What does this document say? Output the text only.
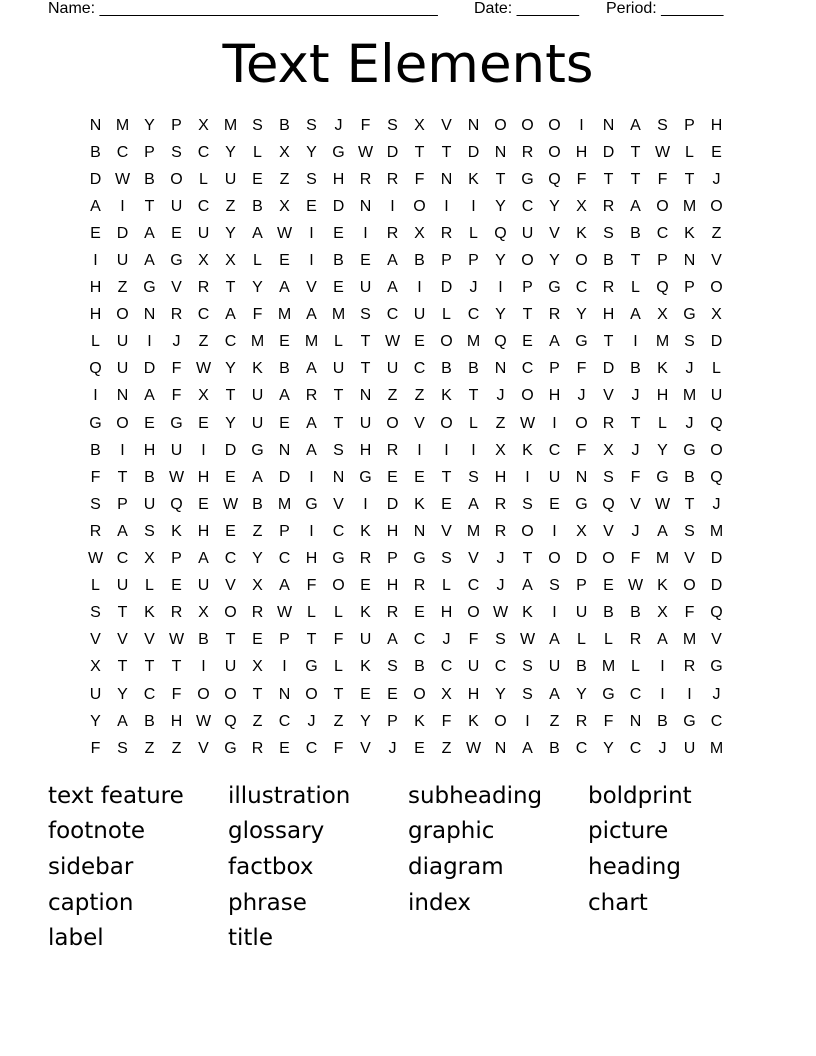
Name: ______________________________________ Date: _______ Period: _______
Text Elements
N M Y	P	X M S	B	S	J	F	S	X	V N O O O	I	N A	S	P H
B C P	S C Y	L	X	Y G W D	T	T	D N R O H D	T W L	E
D W B O	L	U E	Z	S H R R	F	N K	T G Q F	T	T	F	T	J
A	I	T	U C	Z	B	X	E D N	I	O	I	I	Y C Y	X R A O M O
E D A	E U Y	A W	I	E	I	R X R	L	Q U V	K	S	B C K	Z
I	U A G X	X	L	E	I	B	E	A	B	P	P	Y O Y O B	T	P N V
H	Z G V R	T	Y	A	V	E U A	I	D	J	I	P G C R	L	Q P O
H O N R C A	F M A M S C U	L	C Y	T	R Y H A	X G X
L	U	I	J	Z	C M E M L	T W E O M Q E	A G T	I	M S D
Q U D	F W Y	K	B	A U	T	U C B	B N C P	F	D B	K	J	L
I	N A	F	X	T	U A R	T	N	Z	Z	K	T	J	O H	J	V	J	H M U
G O E G E	Y U E	A	T	U O V O	L	Z W	I	O R	T	L	J	Q
B	I	H U	I	D G N A	S H R	I	I	I	X	K C	F	X	J	Y G O
F	T	B W H E	A D	I	N G E	E	T	S H	I	U N S	F G B Q
S	P U Q E W B M G V	I	D K	E	A R S	E G Q V W T	J
R A	S	K H E	Z	P	I	C K H N V M R O	I	X	V	J	A	S M
W C X	P	A C Y C H G R P G S	V	J	T O D O F M V D
L	U	L	E U V	X	A	F O E H R	L	C	J	A	S	P	E W K O D
S	T	K R X O R W L	L	K R E H O W K	I	U B	B	X	F Q
V	V	V W B	T	E	P	T	F	U A C	J	F	S W A	L	L	R A M V
X	T	T	T	I	U X	I	G	L	K	S	B C U C S U B M L	I	R G
U Y C	F O O T	N O T	E	E O X H Y	S	A	Y G C	I	I	J
Y	A	B H W Q Z	C	J	Z	Y	P	K	F	K O	I	Z	R	F	N B G C
F	S	Z	Z	V G R E C	F	V	J	E	Z W N A	B C Y C	J	U M
text feature	illustration	subheading	boldprint
footnote	glossary	graphic	picture
sidebar	factbox	diagram	heading
caption	phrase	index	chart
label	title
